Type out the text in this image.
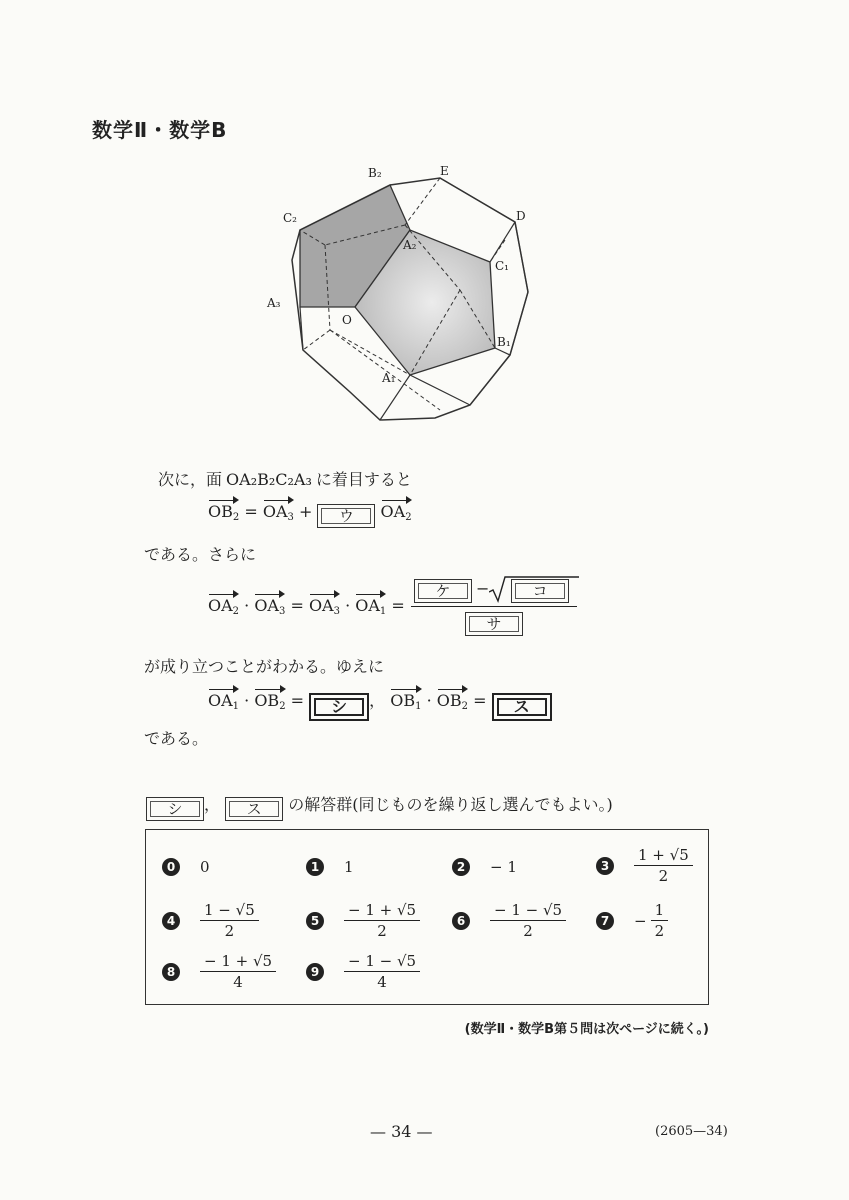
数学Ⅱ・数学B
B₂	E
D
C₂
A₂
C₁
A₃
O
B₁
A₁
次に，面 OA₂B₂C₂A₃ に着目すると
$OB_2 = OA_3$ + ウ $OA_2$
である。さらに
$OA_2 \cdot OA_3 = OA_3 \cdot OA_1$ =
ケ	−	コ
サ
が成り立つことがわかる。ゆえに
$OA_1 \cdot OB_2$ = シ ， $OB_1 \cdot OB_2$ = ス
である。
シ ， ス の解答群(同じものを繰り返し選んでもよい。)
0	0	1	1	2	− 1	3	$\frac{1 + √5}{2}$
4	$\frac{1 - √5}{2}$	5	$\frac{- 1 + √5}{2}$	6	$\frac{- 1 - √5}{2}$	7	− $\frac{1}{2}$
8	$\frac{- 1 + √5}{4}$	9	$\frac{- 1 - √5}{4}$
(数学Ⅱ・数学B第５問は次ページに続く。)
— 34 —	(2605—34)
